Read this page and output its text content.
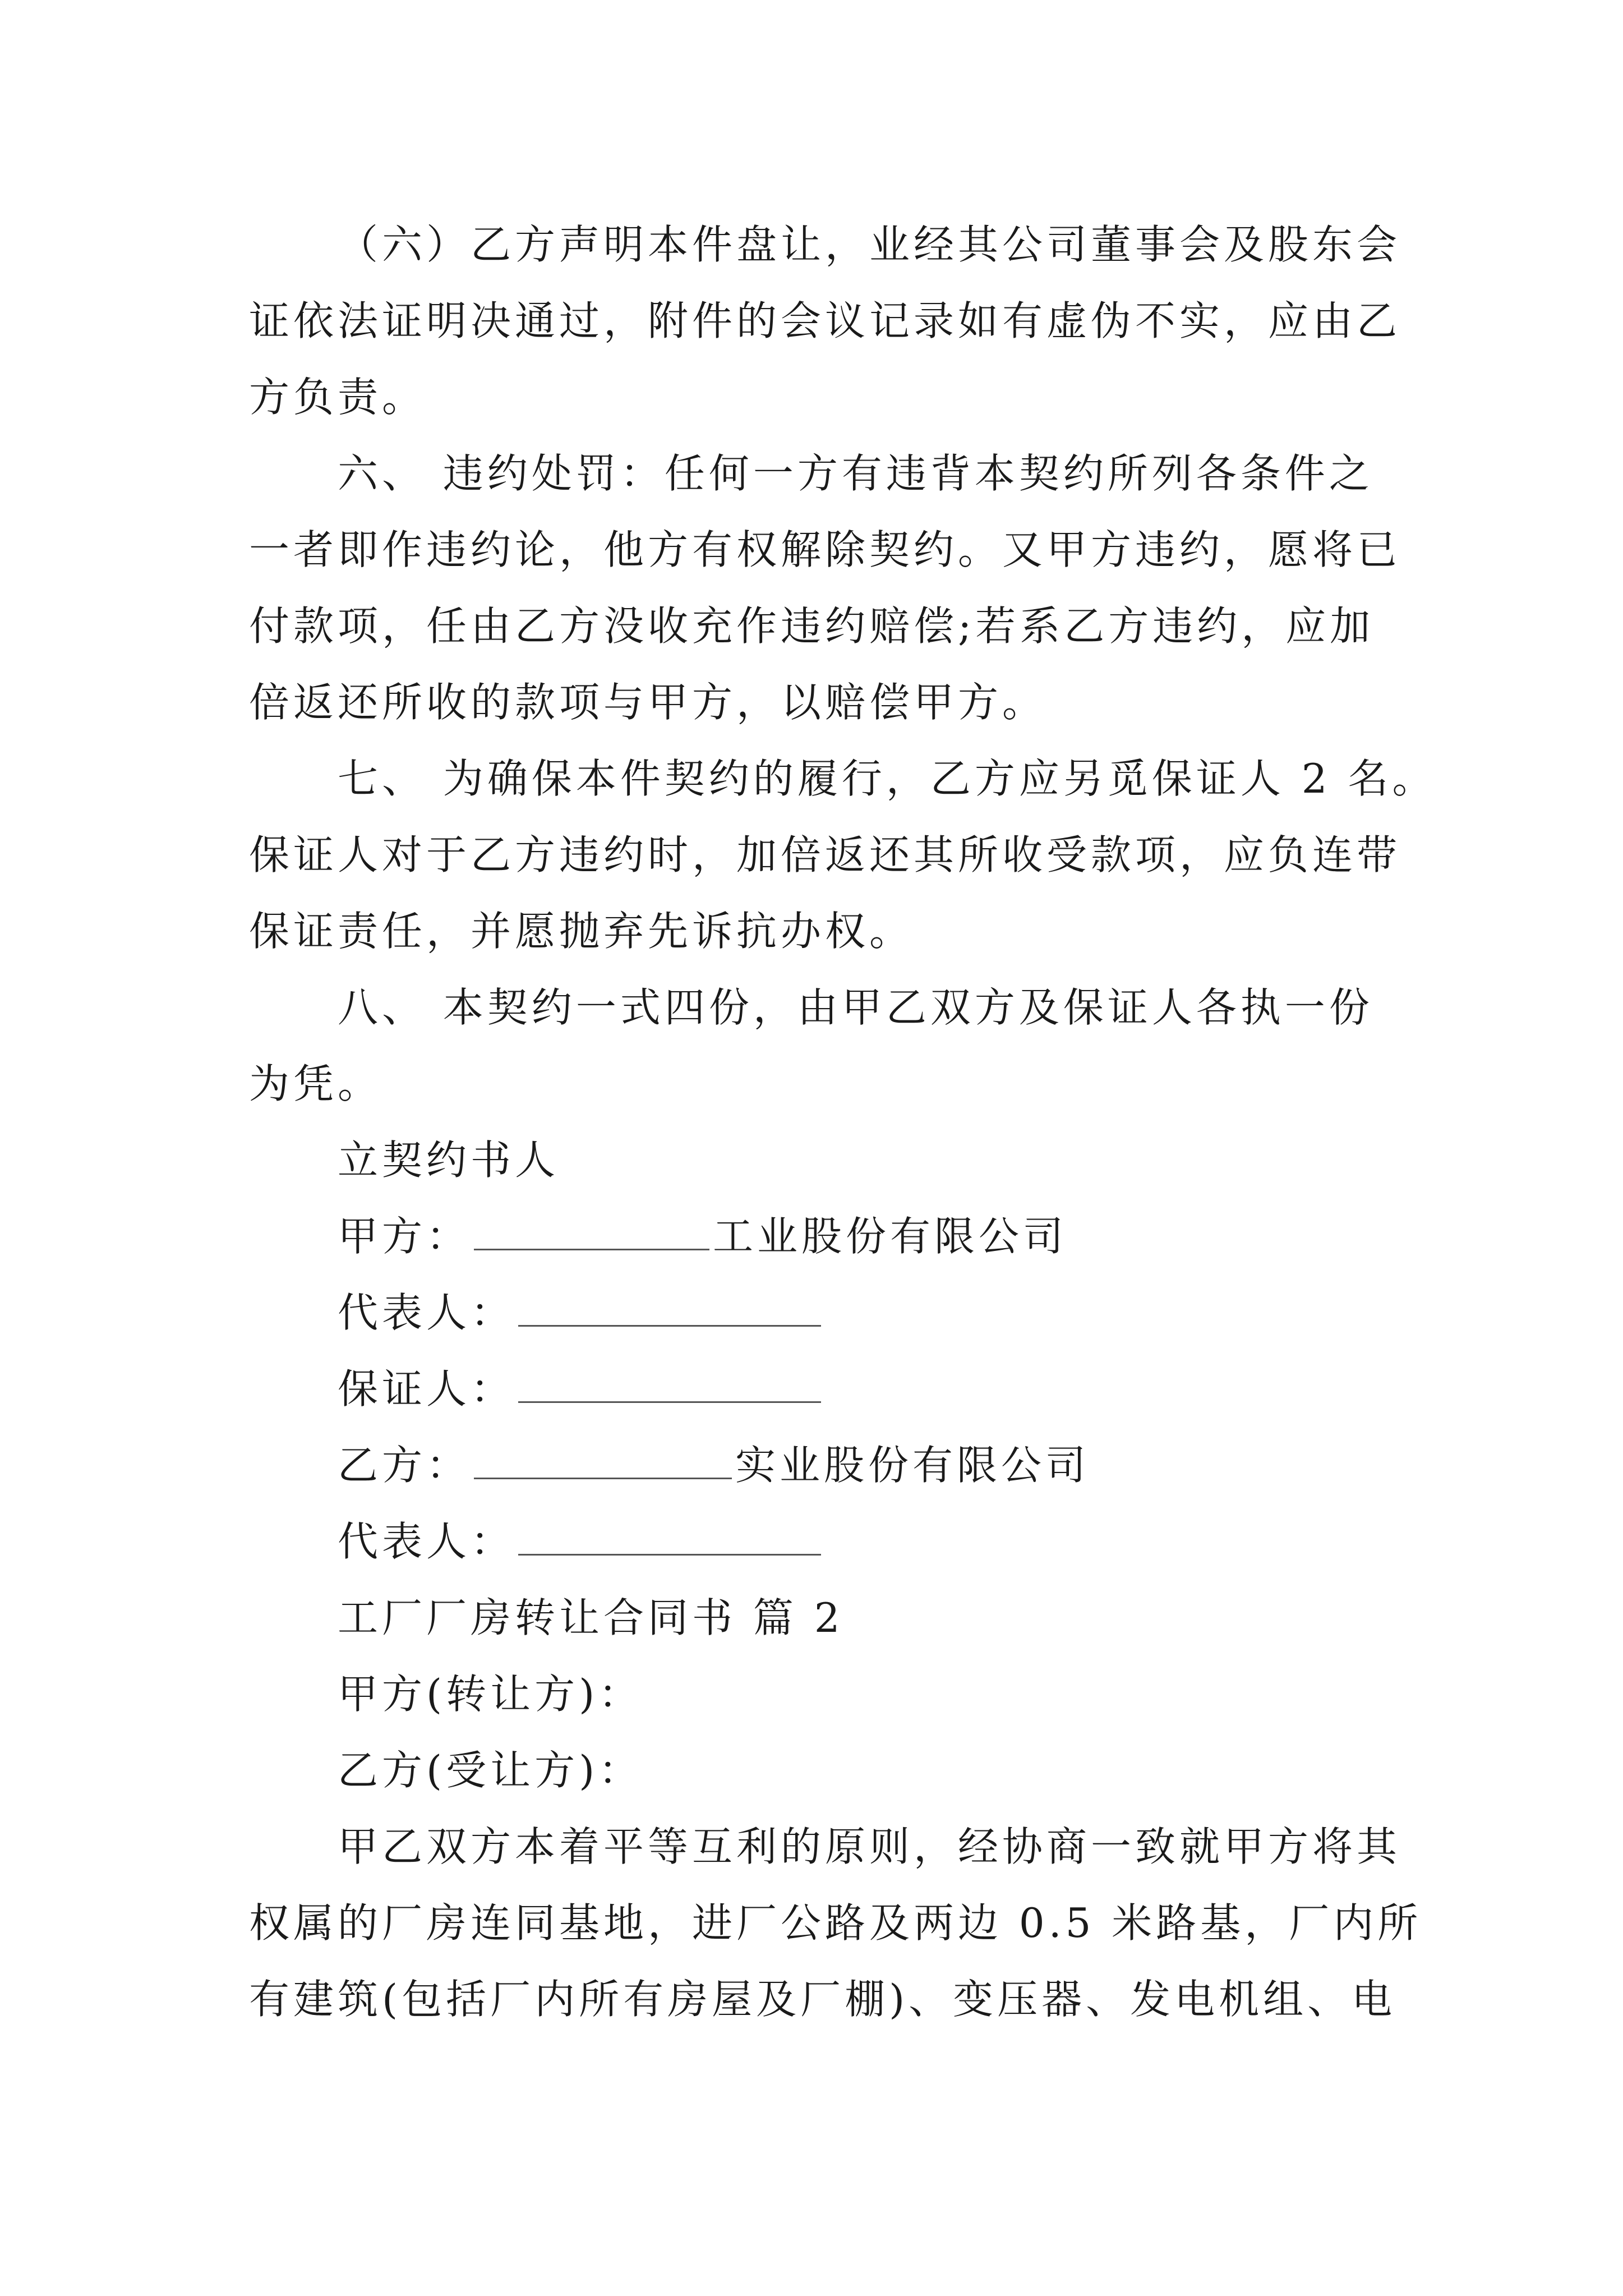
（六）乙方声明本件盘让，业经其公司董事会及股东会
证依法证明决通过，附件的会议记录如有虚伪不实，应由乙
方负责。
六、 违约处罚：任何一方有违背本契约所列各条件之
一者即作违约论，他方有权解除契约。又甲方违约，愿将已
付款项，任由乙方没收充作违约赔偿;若系乙方违约，应加
倍返还所收的款项与甲方，以赔偿甲方。
七、 为确保本件契约的履行，乙方应另觅保证人 2 名。
保证人对于乙方违约时，加倍返还其所收受款项，应负连带
保证责任，并愿抛弃先诉抗办权。
八、 本契约一式四份，由甲乙双方及保证人各执一份
为凭。
立契约书人
甲方：	工业股份有限公司
代表人：
保证人：
乙方：	实业股份有限公司
代表人：
工厂厂房转让合同书 篇 2
甲方(转让方)：
乙方(受让方)：
甲乙双方本着平等互利的原则，经协商一致就甲方将其
权属的厂房连同基地，进厂公路及两边 0.5 米路基，厂内所
有建筑(包括厂内所有房屋及厂棚)、变压器、发电机组、电
